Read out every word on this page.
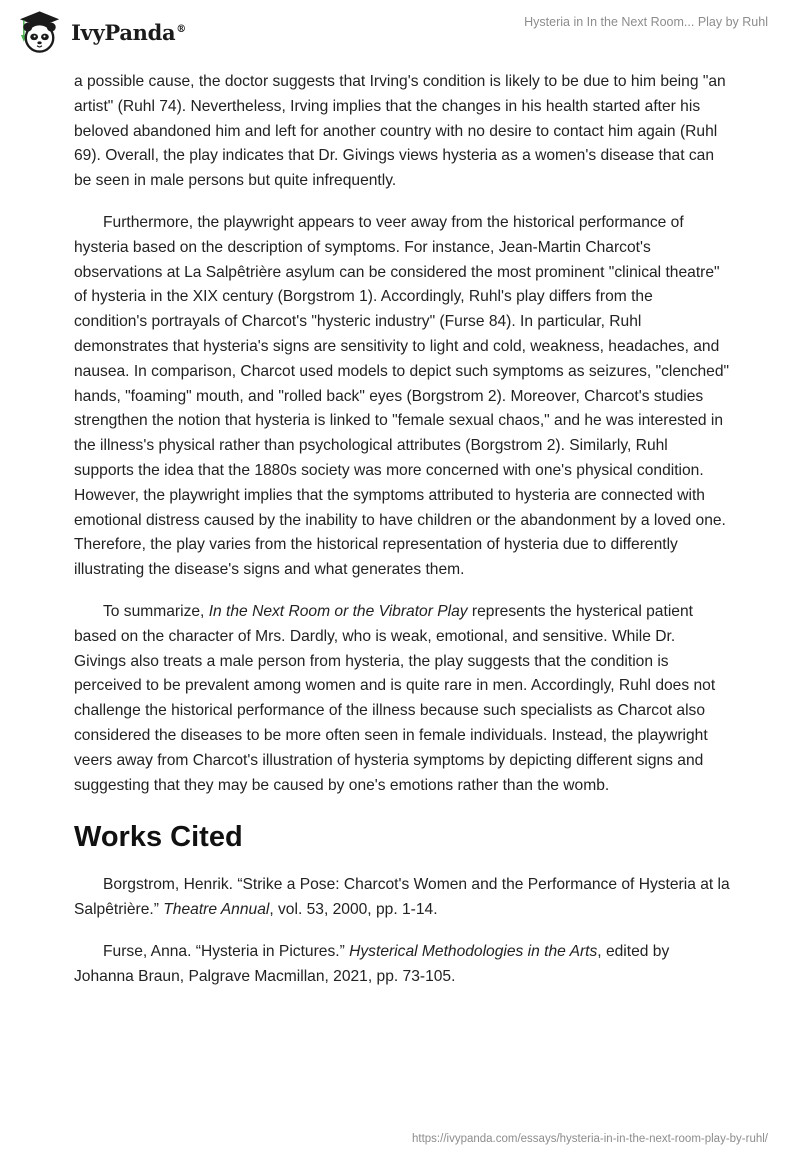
IvyPanda®	Hysteria in In the Next Room... Play by Ruhl

a possible cause, the doctor suggests that Irving's condition is likely to be due to him being "an artist" (Ruhl 74). Nevertheless, Irving implies that the changes in his health started after his beloved abandoned him and left for another country with no desire to contact him again (Ruhl 69). Overall, the play indicates that Dr. Givings views hysteria as a women's disease that can be seen in male persons but quite infrequently.

Furthermore, the playwright appears to veer away from the historical performance of hysteria based on the description of symptoms. For instance, Jean-Martin Charcot's observations at La Salpêtrière asylum can be considered the most prominent "clinical theatre" of hysteria in the XIX century (Borgstrom 1). Accordingly, Ruhl's play differs from the condition's portrayals of Charcot's "hysteric industry" (Furse 84). In particular, Ruhl demonstrates that hysteria's signs are sensitivity to light and cold, weakness, headaches, and nausea. In comparison, Charcot used models to depict such symptoms as seizures, "clenched" hands, "foaming" mouth, and "rolled back" eyes (Borgstrom 2). Moreover, Charcot's studies strengthen the notion that hysteria is linked to "female sexual chaos," and he was interested in the illness's physical rather than psychological attributes (Borgstrom 2). Similarly, Ruhl supports the idea that the 1880s society was more concerned with one's physical condition. However, the playwright implies that the symptoms attributed to hysteria are connected with emotional distress caused by the inability to have children or the abandonment by a loved one. Therefore, the play varies from the historical representation of hysteria due to differently illustrating the disease's signs and what generates them.

To summarize, In the Next Room or the Vibrator Play represents the hysterical patient based on the character of Mrs. Dardly, who is weak, emotional, and sensitive. While Dr. Givings also treats a male person from hysteria, the play suggests that the condition is perceived to be prevalent among women and is quite rare in men. Accordingly, Ruhl does not challenge the historical performance of the illness because such specialists as Charcot also considered the diseases to be more often seen in female individuals. Instead, the playwright veers away from Charcot's illustration of hysteria symptoms by depicting different signs and suggesting that they may be caused by one's emotions rather than the womb.

Works Cited

Borgstrom, Henrik. “Strike a Pose: Charcot's Women and the Performance of Hysteria at la Salpêtrière.” Theatre Annual, vol. 53, 2000, pp. 1-14.

Furse, Anna. “Hysteria in Pictures.” Hysterical Methodologies in the Arts, edited by Johanna Braun, Palgrave Macmillan, 2021, pp. 73-105.

https://ivypanda.com/essays/hysteria-in-in-the-next-room-play-by-ruhl/
